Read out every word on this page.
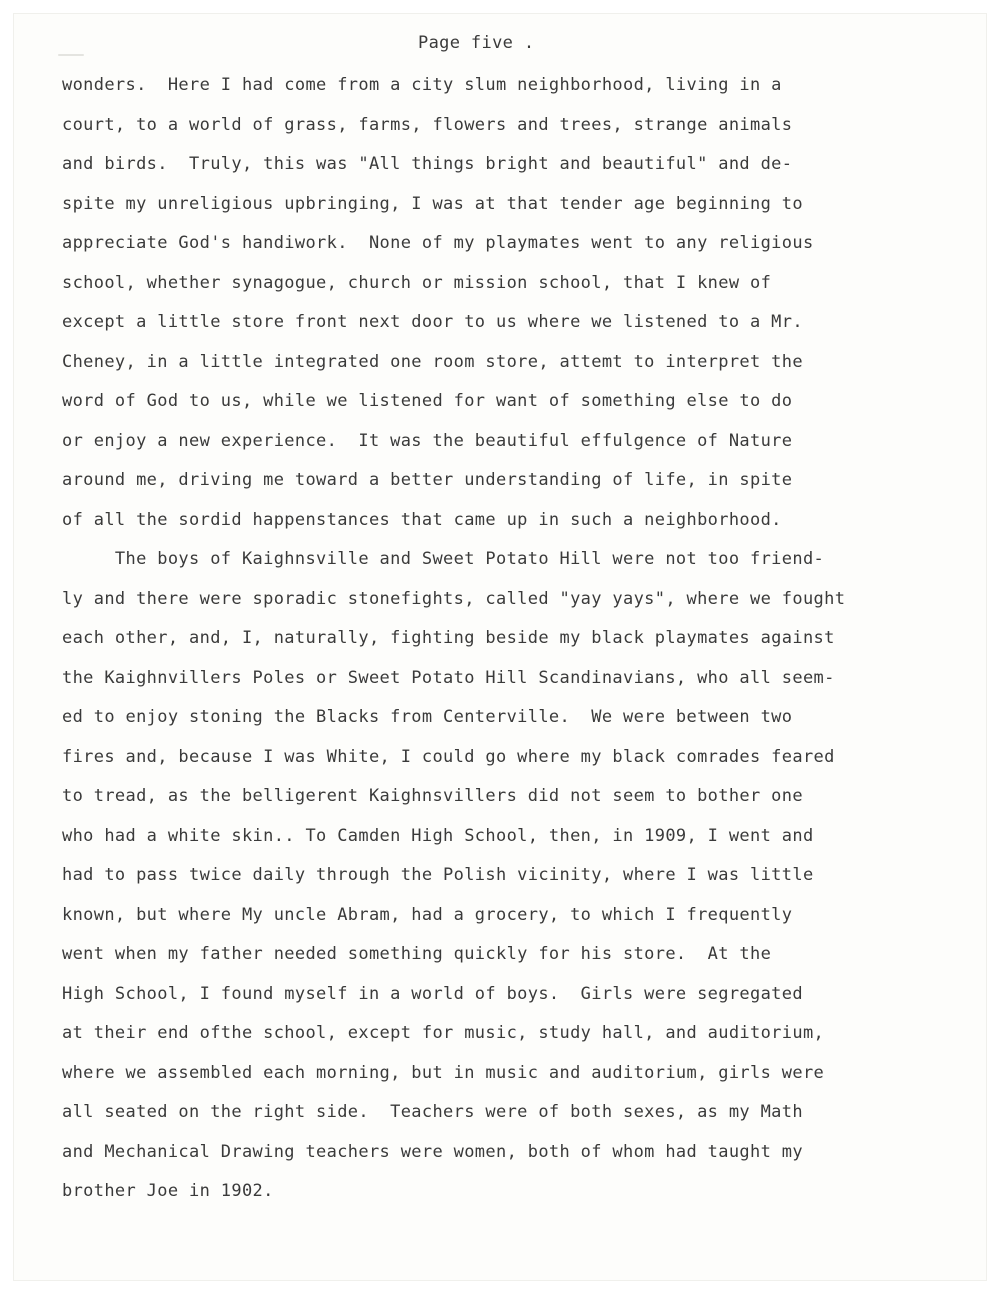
Page five .
wonders.  Here I had come from a city slum neighborhood, living in a
court, to a world of grass, farms, flowers and trees, strange animals
and birds.  Truly, this was "All things bright and beautiful" and de-
spite my unreligious upbringing, I was at that tender age beginning to
appreciate God's handiwork.  None of my playmates went to any religious
school, whether synagogue, church or mission school, that I knew of
except a little store front next door to us where we listened to a Mr.
Cheney, in a little integrated one room store, attemt to interpret the
word of God to us, while we listened for want of something else to do
or enjoy a new experience.  It was the beautiful effulgence of Nature
around me, driving me toward a better understanding of life, in spite
of all the sordid happenstances that came up in such a neighborhood.
The boys of Kaighnsville and Sweet Potato Hill were not too friend-
ly and there were sporadic stonefights, called "yay yays", where we fought
each other, and, I, naturally, fighting beside my black playmates against
the Kaighnvillers Poles or Sweet Potato Hill Scandinavians, who all seem-
ed to enjoy stoning the Blacks from Centerville.  We were between two
fires and, because I was White, I could go where my black comrades feared
to tread, as the belligerent Kaighnsvillers did not seem to bother one
who had a white skin.. To Camden High School, then, in 1909, I went and
had to pass twice daily through the Polish vicinity, where I was little
known, but where My uncle Abram, had a grocery, to which I frequently
went when my father needed something quickly for his store.  At the
High School, I found myself in a world of boys.  Girls were segregated
at their end ofthe school, except for music, study hall, and auditorium,
where we assembled each morning, but in music and auditorium, girls were
all seated on the right side.  Teachers were of both sexes, as my Math
and Mechanical Drawing teachers were women, both of whom had taught my
brother Joe in 1902.
